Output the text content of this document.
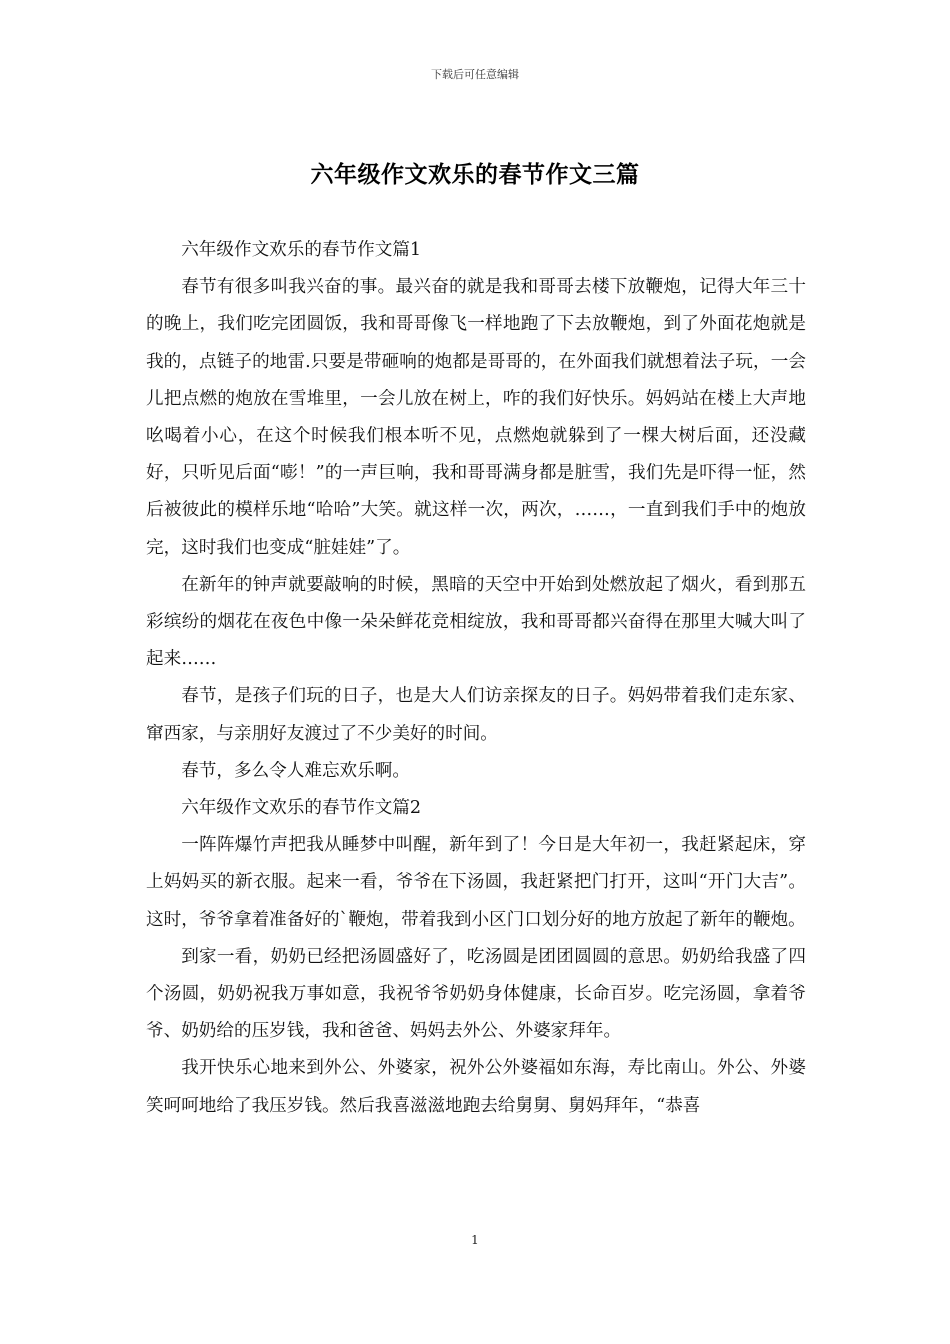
下载后可任意编辑
六年级作文欢乐的春节作文三篇

六年级作文欢乐的春节作文篇1

春节有很多叫我兴奋的事。最兴奋的就是我和哥哥去楼下放鞭炮，记得大年三十的晚上，我们吃完团圆饭，我和哥哥像飞一样地跑了下去放鞭炮，到了外面花炮就是我的，点链子的地雷.只要是带砸响的炮都是哥哥的，在外面我们就想着法子玩，一会儿把点燃的炮放在雪堆里，一会儿放在树上，咋的我们好快乐。妈妈站在楼上大声地吆喝着小心，在这个时候我们根本听不见，点燃炮就躲到了一棵大树后面，还没藏好，只听见后面“嘭！”的一声巨响，我和哥哥满身都是脏雪，我们先是吓得一怔，然后被彼此的模样乐地“哈哈”大笑。就这样一次，两次，……，一直到我们手中的炮放完，这时我们也变成“脏娃娃”了。

在新年的钟声就要敲响的时候，黑暗的天空中开始到处燃放起了烟火，看到那五彩缤纷的烟花在夜色中像一朵朵鲜花竞相绽放，我和哥哥都兴奋得在那里大喊大叫了起来……

春节，是孩子们玩的日子，也是大人们访亲探友的日子。妈妈带着我们走东家、窜西家，与亲朋好友渡过了不少美好的时间。

春节，多么令人难忘欢乐啊。

六年级作文欢乐的春节作文篇2

一阵阵爆竹声把我从睡梦中叫醒，新年到了！今日是大年初一，我赶紧起床，穿上妈妈买的新衣服。起来一看，爷爷在下汤圆，我赶紧把门打开，这叫“开门大吉”。这时，爷爷拿着准备好的`鞭炮，带着我到小区门口划分好的地方放起了新年的鞭炮。

到家一看，奶奶已经把汤圆盛好了，吃汤圆是团团圆圆的意思。奶奶给我盛了四个汤圆，奶奶祝我万事如意，我祝爷爷奶奶身体健康，长命百岁。吃完汤圆，拿着爷爷、奶奶给的压岁钱，我和爸爸、妈妈去外公、外婆家拜年。

我开快乐心地来到外公、外婆家，祝外公外婆福如东海，寿比南山。外公、外婆笑呵呵地给了我压岁钱。然后我喜滋滋地跑去给舅舅、舅妈拜年，“恭喜

1
